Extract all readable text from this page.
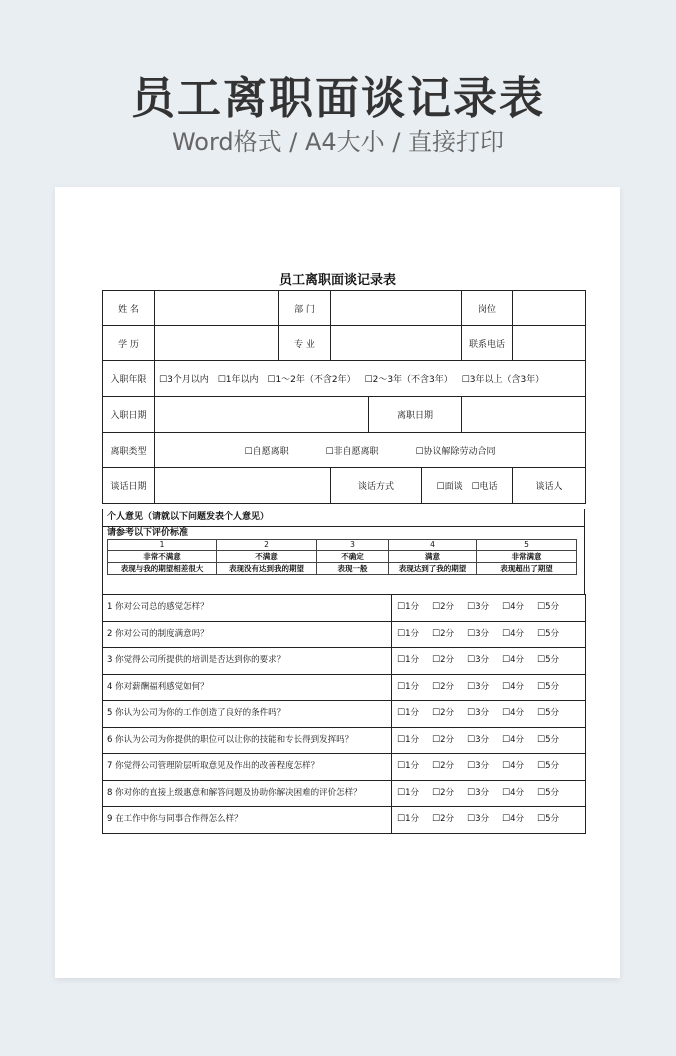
员工离职面谈记录表
Word格式 / A4大小 / 直接打印
员工离职面谈记录表
姓 名		部 门				岗位	
学 历		专 业				联系电话	
入职年限	☐3个月以内 ☐1年以内 ☐1～2年（不含2年） ☐2～3年（不含3年） ☐3年以上（含3年）						
入职日期				离职日期			
离职类型	☐自愿离职 ☐非自愿离职 ☐协议解除劳动合同						
谈话日期			谈话方式		☐面谈 ☐电话		谈话人
个人意见（请就以下问题发表个人意见）
请参考以下评价标准
1	2	3	4	5
非常不满意	不满意	不确定	满意	非常满意
表现与我的期望相差很大	表现没有达到我的期望	表现一般	表现达到了我的期望	表现超出了期望
1 你对公司总的感觉怎样？	☐1分 ☐2分 ☐3分 ☐4分 ☐5分
2 你对公司的制度满意吗？	☐1分 ☐2分 ☐3分 ☐4分 ☐5分
3 你觉得公司所提供的培训是否达到你的要求？	☐1分 ☐2分 ☐3分 ☐4分 ☐5分
4 你对薪酬福利感觉如何？	☐1分 ☐2分 ☐3分 ☐4分 ☐5分
5 你认为公司为你的工作创造了良好的条件吗？	☐1分 ☐2分 ☐3分 ☐4分 ☐5分
6 你认为公司为你提供的职位可以让你的技能和专长得到发挥吗？	☐1分 ☐2分 ☐3分 ☐4分 ☐5分
7 你觉得公司管理阶层听取意见及作出的改善程度怎样？	☐1分 ☐2分 ☐3分 ☐4分 ☐5分
8 你对你的直接上级惠意和解答问题及协助你解决困难的评价怎样？	☐1分 ☐2分 ☐3分 ☐4分 ☐5分
9 在工作中你与同事合作得怎么样？	☐1分 ☐2分 ☐3分 ☐4分 ☐5分
